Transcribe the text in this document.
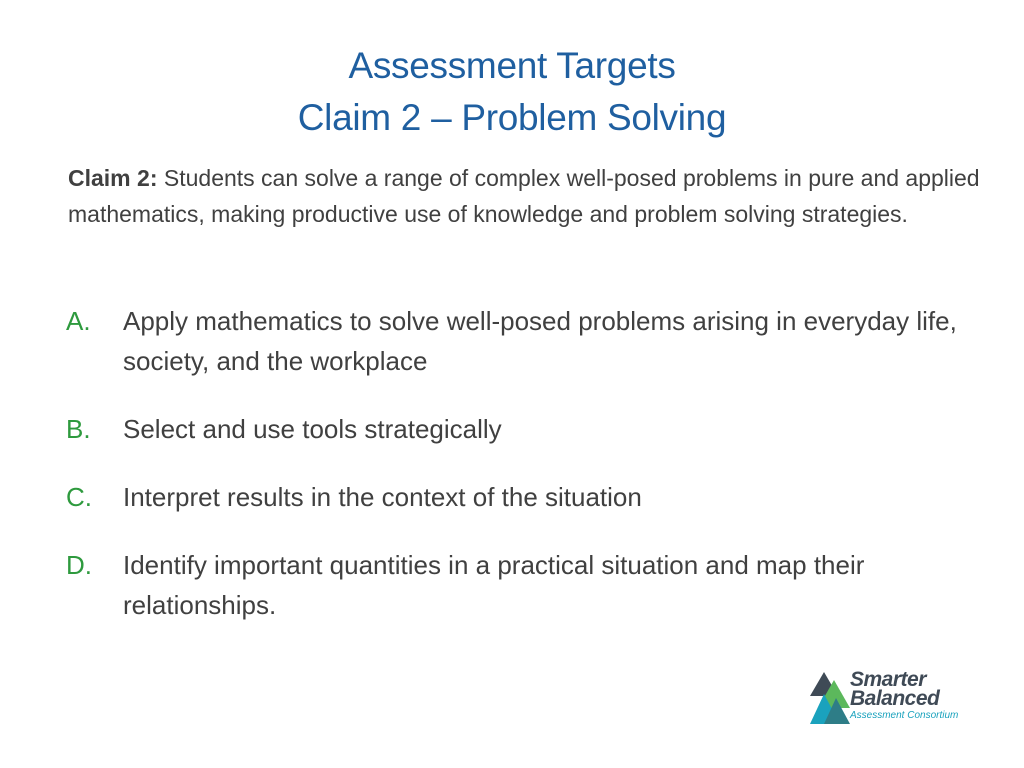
Assessment Targets
Claim 2 – Problem Solving
Claim 2: Students can solve a range of complex well-posed problems in pure and applied mathematics, making productive use of knowledge and problem solving strategies.
A.	Apply mathematics to solve well-posed problems arising in everyday life, society, and the workplace
B.	Select and use tools strategically
C.	Interpret results in the context of the situation
D.	Identify important quantities in a practical situation and map their relationships.
Smarter
Balanced
Assessment Consortium
